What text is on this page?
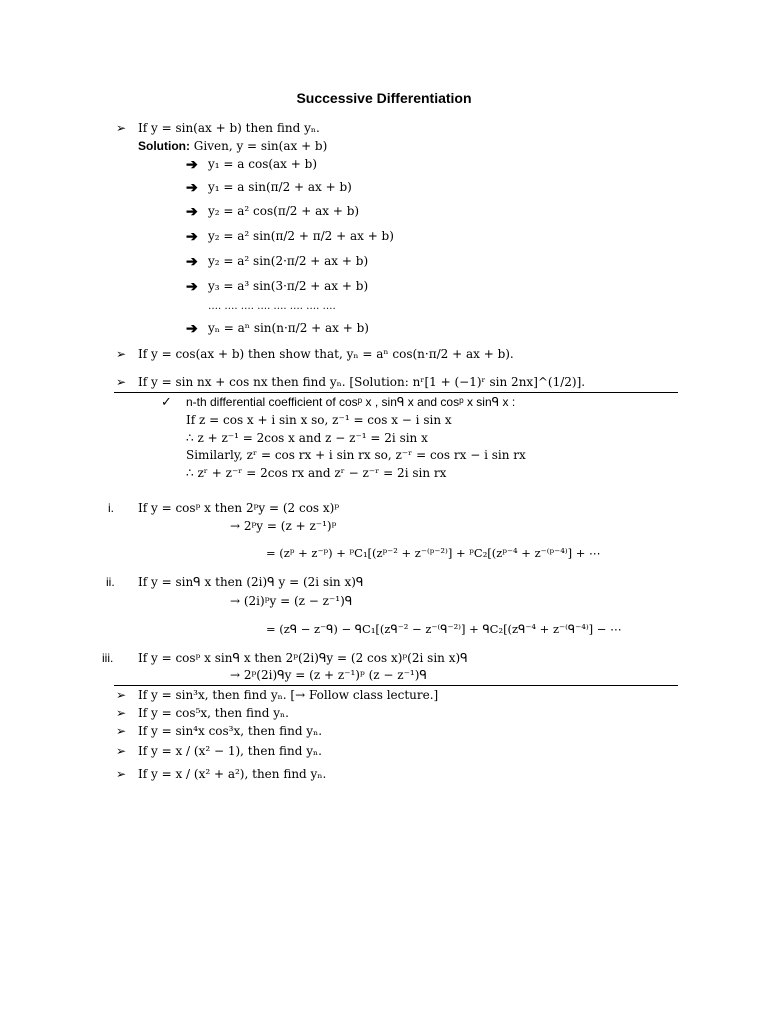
Successive Differentiation
➢ If y = sin(ax + b) then find yₙ.
Solution: Given, y = sin(ax + b)
➔ y₁ = a cos(ax + b)
➔ y₁ = a sin(π/2 + ax + b)
➔ y₂ = a² cos(π/2 + ax + b)
➔ y₂ = a² sin(π/2 + π/2 + ax + b)
➔ y₂ = a² sin(2·π/2 + ax + b)
➔ y₃ = a³ sin(3·π/2 + ax + b)
…. …. …. …. …. …. …. ….
➔ yₙ = aⁿ sin(n·π/2 + ax + b)
➢ If y = cos(ax + b) then show that, yₙ = aⁿ cos(n·π/2 + ax + b).
➢ If y = sin nx + cos nx then find yₙ. [Solution: nʳ[1 + (−1)ʳ sin 2nx]^(1/2)].
✓ n-th differential coefficient of cosᵖ x , sinᑫ x and cosᵖ x sinᑫ x :
If z = cos x + i sin x so, z⁻¹ = cos x − i sin x
∴ z + z⁻¹ = 2cos x and z − z⁻¹ = 2i sin x
Similarly, zʳ = cos rx + i sin rx so, z⁻ʳ = cos rx − i sin rx
∴ zʳ + z⁻ʳ = 2cos rx and zʳ − z⁻ʳ = 2i sin rx
i. If y = cosᵖ x then 2ᵖy = (2 cos x)ᵖ
→ 2ᵖy = (z + z⁻¹)ᵖ
= (zᵖ + z⁻ᵖ) + ᵖC₁[(zᵖ⁻² + z⁻⁽ᵖ⁻²⁾] + ᵖC₂[(zᵖ⁻⁴ + z⁻⁽ᵖ⁻⁴⁾] + ⋯
ii. If y = sinᑫ x then (2i)ᑫ y = (2i sin x)ᑫ
→ (2i)ᵖy = (z − z⁻¹)ᑫ
= (zᑫ − z⁻ᑫ) − ᑫC₁[(zᑫ⁻² − z⁻⁽ᑫ⁻²⁾] + ᑫC₂[(zᑫ⁻⁴ + z⁻⁽ᑫ⁻⁴⁾] − ⋯
iii. If y = cosᵖ x sinᑫ x then 2ᵖ(2i)ᑫy = (2 cos x)ᵖ(2i sin x)ᑫ
→ 2ᵖ(2i)ᑫy = (z + z⁻¹)ᵖ (z − z⁻¹)ᑫ
➢ If y = sin³x, then find yₙ. [→ Follow class lecture.]
➢ If y = cos⁵x, then find yₙ.
➢ If y = sin⁴x cos³x, then find yₙ.
➢ If y = x / (x² − 1), then find yₙ.
➢ If y = x / (x² + a²), then find yₙ.
